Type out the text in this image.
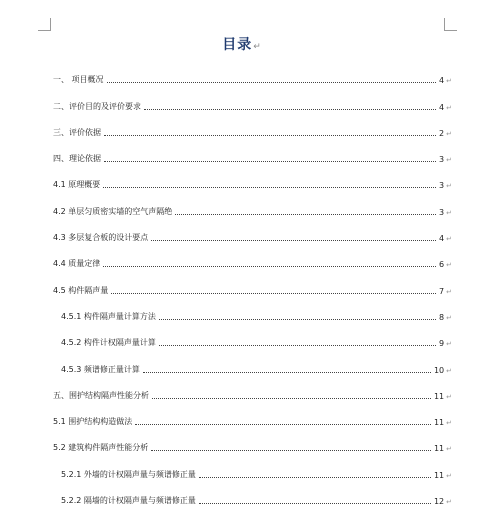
目录↵
一、 项目概况	4 ↵
二、评价目的及评价要求	4 ↵
三、评价依据	2 ↵
四、理论依据	3 ↵
4.1 原理概要	3 ↵
4.2 单层匀质密实墙的空气声隔绝	3 ↵
4.3 多层复合板的设计要点	4 ↵
4.4 质量定律	6 ↵
4.5 构件隔声量	7 ↵
4.5.1 构件隔声量计算方法	8 ↵
4.5.2 构件计权隔声量计算	9 ↵
4.5.3 频谱修正量计算	10 ↵
五、围护结构隔声性能分析	11 ↵
5.1 围护结构构造做法	11 ↵
5.2 建筑构件隔声性能分析	11 ↵
5.2.1 外墙的计权隔声量与频谱修正量	11 ↵
5.2.2 隔墙的计权隔声量与频谱修正量	12 ↵
